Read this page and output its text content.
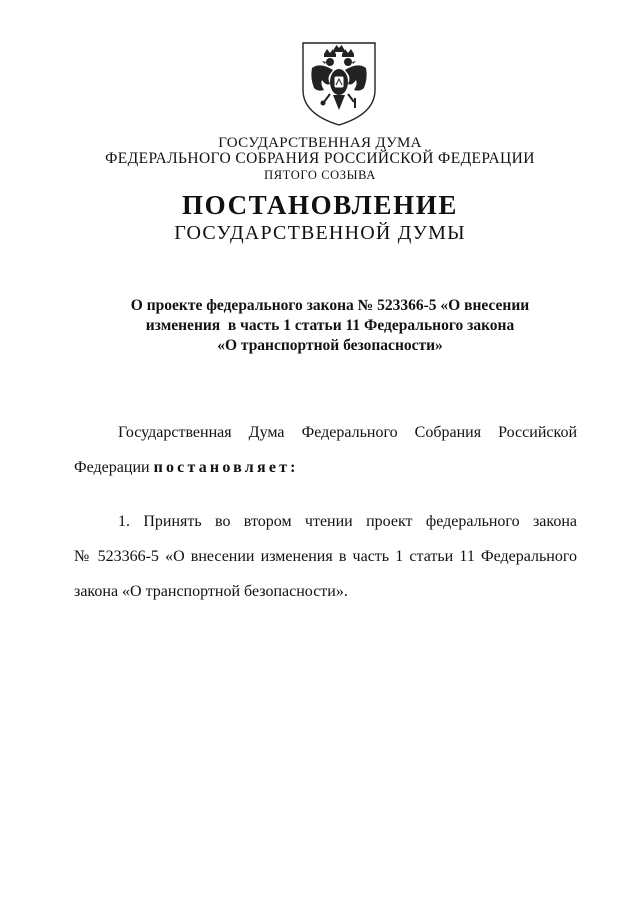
ГОСУДАРСТВЕННАЯ ДУМА
ФЕДЕРАЛЬНОГО СОБРАНИЯ РОССИЙСКОЙ ФЕДЕРАЦИИ
ПЯТОГО СОЗЫВА
ПОСТАНОВЛЕНИЕ
ГОСУДАРСТВЕННОЙ ДУМЫ
О проекте федерального закона № 523366-5 «О внесении
изменения  в часть 1 статьи 11 Федерального закона
«О транспортной безопасности»
Государственная Дума Федерального Собрания Российской
Федерации постановляет:
1. Принять во втором чтении проект федерального закона
№ 523366-5 «О внесении изменения в часть 1 статьи 11 Федерального
закона «О транспортной безопасности».
